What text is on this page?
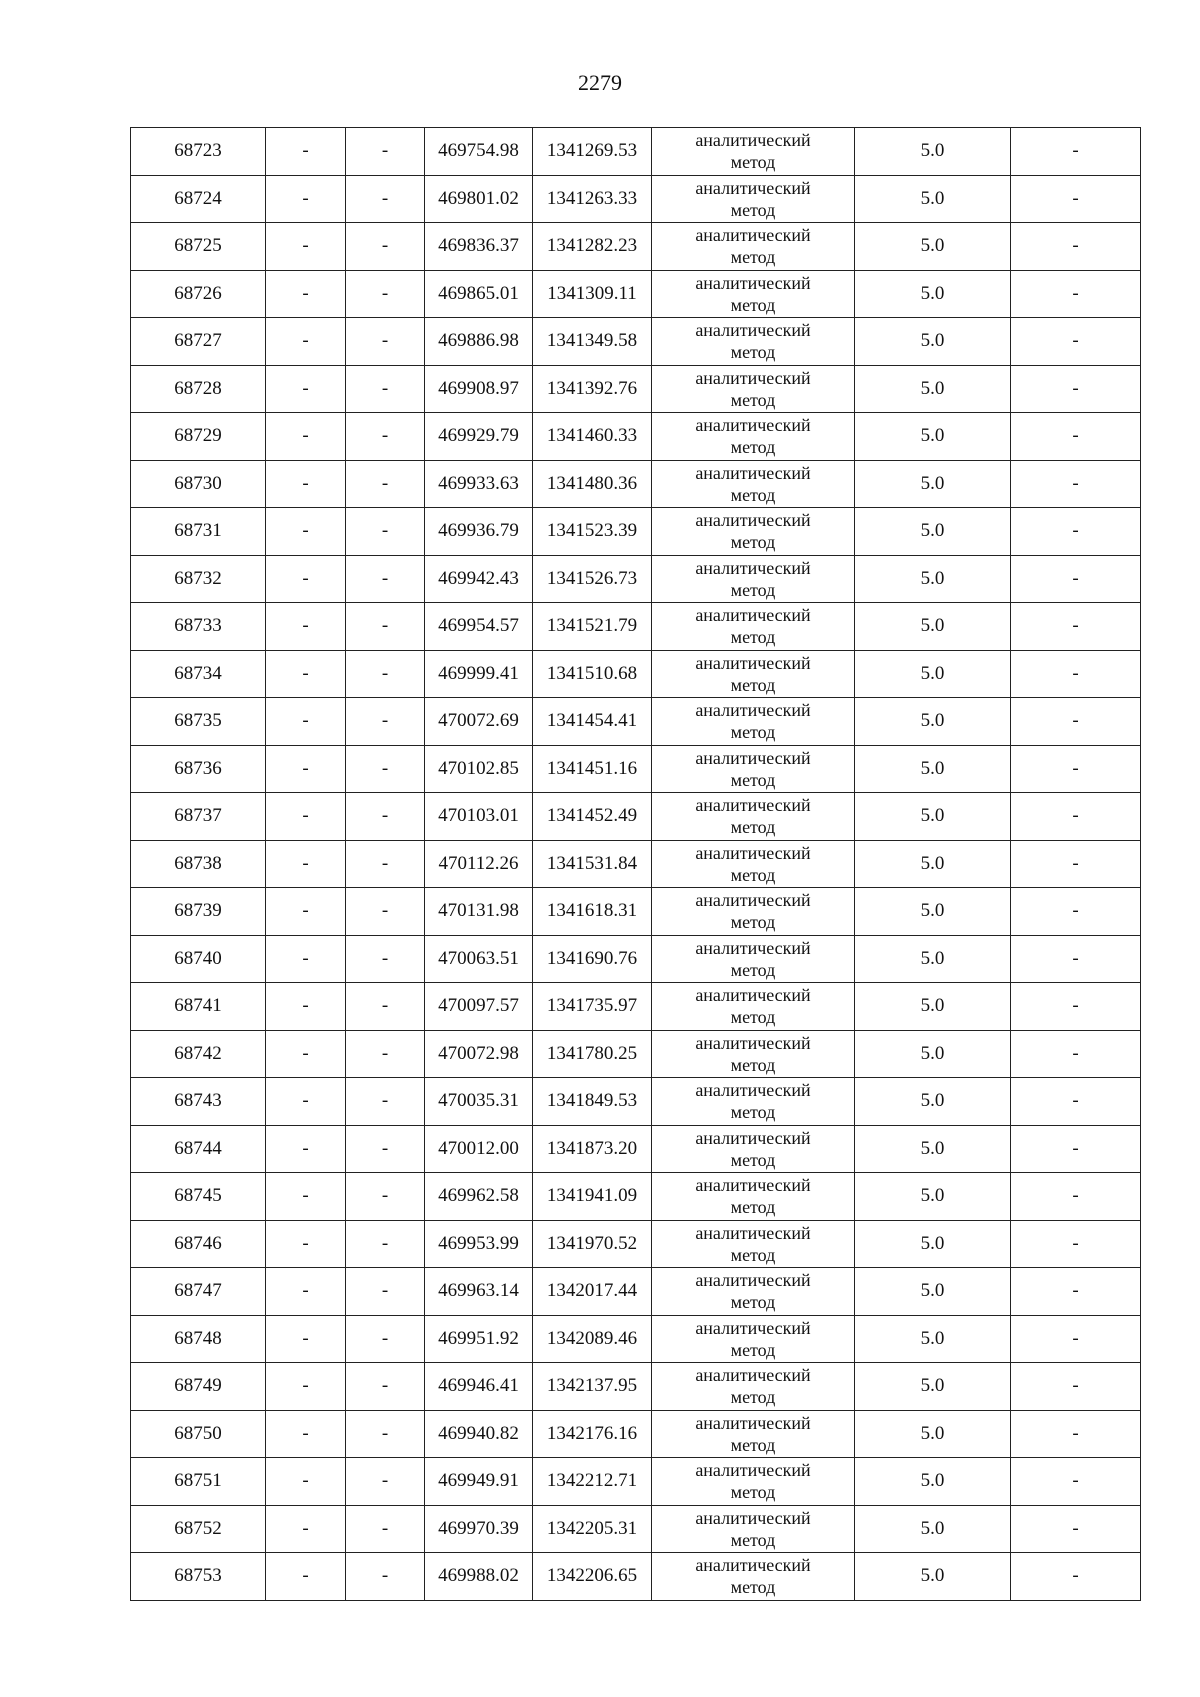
2279
68723	-	-	469754.98	1341269.53	аналитический
метод	5.0	-
68724	-	-	469801.02	1341263.33	аналитический
метод	5.0	-
68725	-	-	469836.37	1341282.23	аналитический
метод	5.0	-
68726	-	-	469865.01	1341309.11	аналитический
метод	5.0	-
68727	-	-	469886.98	1341349.58	аналитический
метод	5.0	-
68728	-	-	469908.97	1341392.76	аналитический
метод	5.0	-
68729	-	-	469929.79	1341460.33	аналитический
метод	5.0	-
68730	-	-	469933.63	1341480.36	аналитический
метод	5.0	-
68731	-	-	469936.79	1341523.39	аналитический
метод	5.0	-
68732	-	-	469942.43	1341526.73	аналитический
метод	5.0	-
68733	-	-	469954.57	1341521.79	аналитический
метод	5.0	-
68734	-	-	469999.41	1341510.68	аналитический
метод	5.0	-
68735	-	-	470072.69	1341454.41	аналитический
метод	5.0	-
68736	-	-	470102.85	1341451.16	аналитический
метод	5.0	-
68737	-	-	470103.01	1341452.49	аналитический
метод	5.0	-
68738	-	-	470112.26	1341531.84	аналитический
метод	5.0	-
68739	-	-	470131.98	1341618.31	аналитический
метод	5.0	-
68740	-	-	470063.51	1341690.76	аналитический
метод	5.0	-
68741	-	-	470097.57	1341735.97	аналитический
метод	5.0	-
68742	-	-	470072.98	1341780.25	аналитический
метод	5.0	-
68743	-	-	470035.31	1341849.53	аналитический
метод	5.0	-
68744	-	-	470012.00	1341873.20	аналитический
метод	5.0	-
68745	-	-	469962.58	1341941.09	аналитический
метод	5.0	-
68746	-	-	469953.99	1341970.52	аналитический
метод	5.0	-
68747	-	-	469963.14	1342017.44	аналитический
метод	5.0	-
68748	-	-	469951.92	1342089.46	аналитический
метод	5.0	-
68749	-	-	469946.41	1342137.95	аналитический
метод	5.0	-
68750	-	-	469940.82	1342176.16	аналитический
метод	5.0	-
68751	-	-	469949.91	1342212.71	аналитический
метод	5.0	-
68752	-	-	469970.39	1342205.31	аналитический
метод	5.0	-
68753	-	-	469988.02	1342206.65	аналитический
метод	5.0	-
